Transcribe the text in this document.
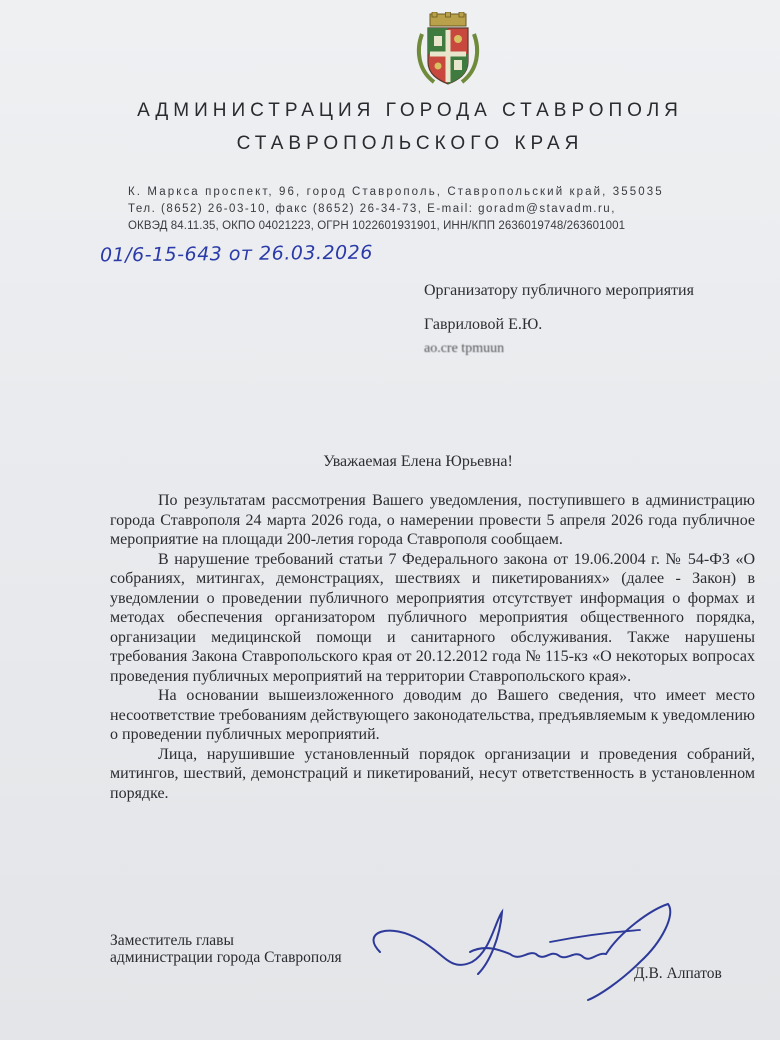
АДМИНИСТРАЦИЯ ГОРОДА СТАВРОПОЛЯ
СТАВРОПОЛЬСКОГО КРАЯ
К. Маркса проспект, 96, город Ставрополь, Ставропольский край, 355035
Тел. (8652) 26-03-10, факс (8652) 26-34-73, E-mail: goradm@stavadm.ru,
ОКВЭД 84.11.35, ОКПО 04021223, ОГРН 1022601931901, ИНН/КПП 2636019748/263601001
01/6-15-643 от 26.03.2026
Организатору публичного мероприятия
Гавриловой Е.Ю.
ao.cre tpmuun
Уважаемая Елена Юрьевна!

По результатам рассмотрения Вашего уведомления, поступившего в администрацию города Ставрополя 24 марта 2026 года, о намерении провести 5 апреля 2026 года публичное мероприятие на площади 200-летия города Ставрополя сообщаем.

В нарушение требований статьи 7 Федерального закона от 19.06.2004 г. № 54-ФЗ «О собраниях, митингах, демонстрациях, шествиях и пикетированиях» (далее - Закон) в уведомлении о проведении публичного мероприятия отсутствует информация о формах и методах обеспечения организатором публичного мероприятия общественного порядка, организации медицинской помощи и санитарного обслуживания. Также нарушены требования Закона Ставропольского края от 20.12.2012 года № 115-кз «О некоторых вопросах проведения публичных мероприятий на территории Ставропольского края».

На основании вышеизложенного доводим до Вашего сведения, что имеет место несоответствие требованиям действующего законодательства, предъявляемым к уведомлению о проведении публичных мероприятий.

Лица, нарушившие установленный порядок организации и проведения собраний, митингов, шествий, демонстраций и пикетирований, несут ответственность в установленном порядке.

Заместитель главы
администрации города Ставрополя
Д.В. Алпатов
